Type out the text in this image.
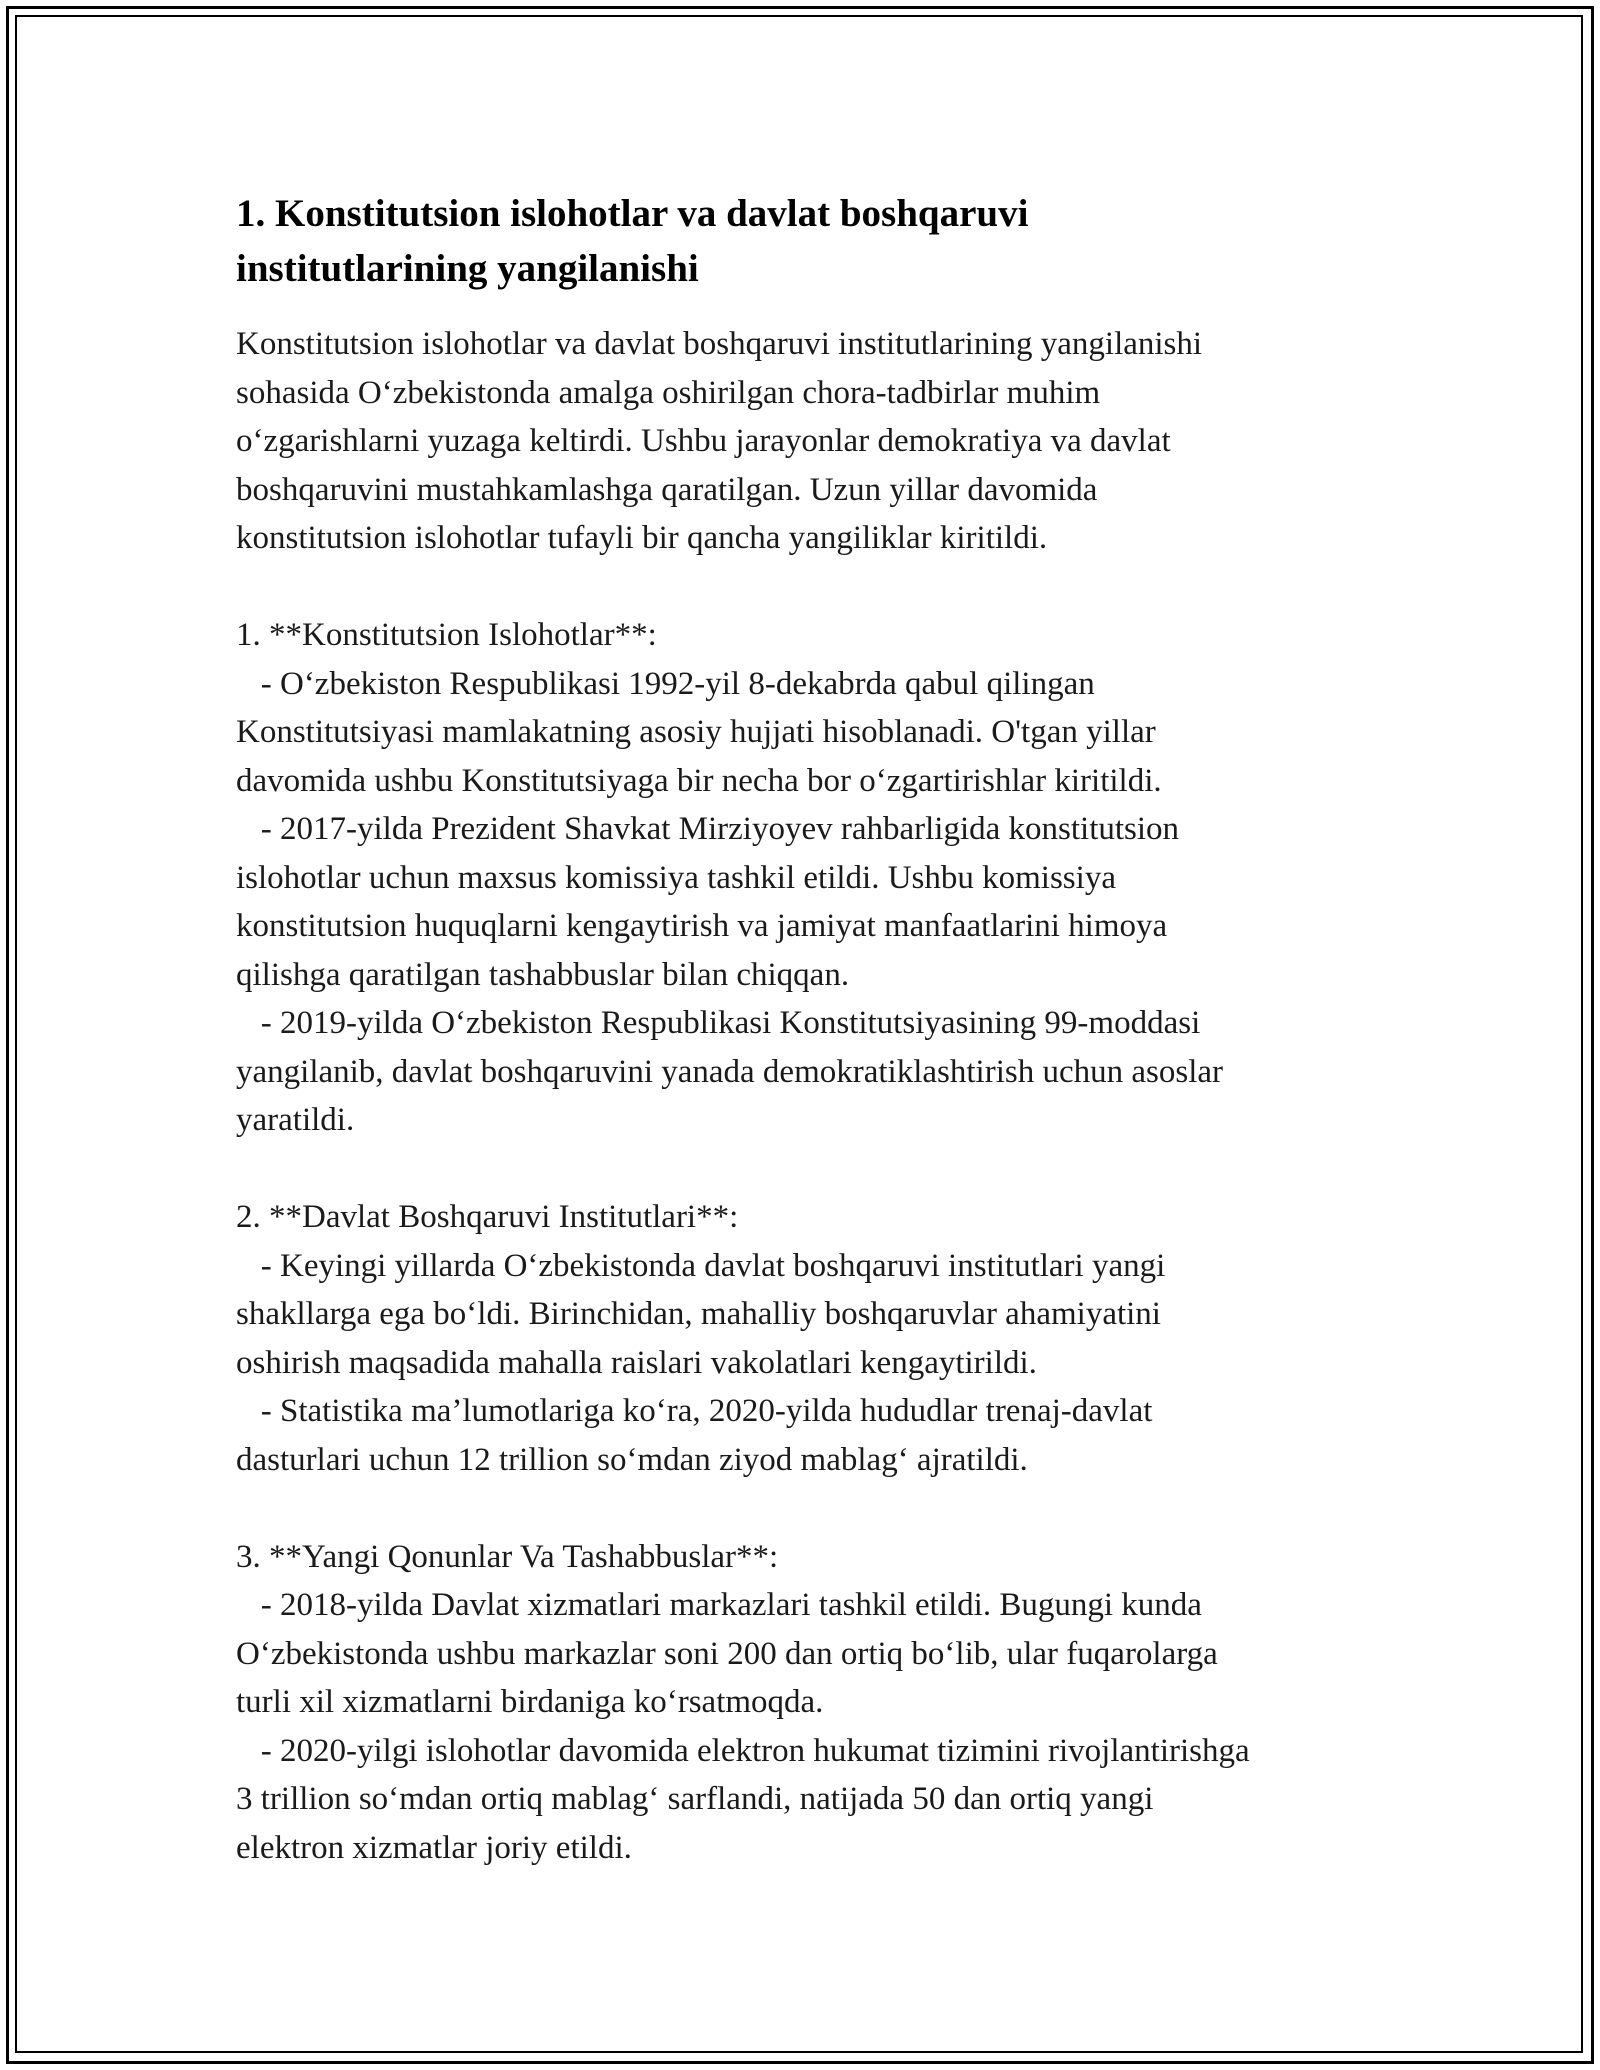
1. Konstitutsion islohotlar va davlat boshqaruvi
institutlarining yangilanishi

Konstitutsion islohotlar va davlat boshqaruvi institutlarining yangilanishi
sohasida O‘zbekistonda amalga oshirilgan chora-tadbirlar muhim
o‘zgarishlarni yuzaga keltirdi. Ushbu jarayonlar demokratiya va davlat
boshqaruvini mustahkamlashga qaratilgan. Uzun yillar davomida
konstitutsion islohotlar tufayli bir qancha yangiliklar kiritildi.

1. **Konstitutsion Islohotlar**:

- O‘zbekiston Respublikasi 1992-yil 8-dekabrda qabul qilingan
Konstitutsiyasi mamlakatning asosiy hujjati hisoblanadi. O'tgan yillar
davomida ushbu Konstitutsiyaga bir necha bor o‘zgartirishlar kiritildi.

- 2017-yilda Prezident Shavkat Mirziyoyev rahbarligida konstitutsion
islohotlar uchun maxsus komissiya tashkil etildi. Ushbu komissiya
konstitutsion huquqlarni kengaytirish va jamiyat manfaatlarini himoya
qilishga qaratilgan tashabbuslar bilan chiqqan.

- 2019-yilda O‘zbekiston Respublikasi Konstitutsiyasining 99-moddasi
yangilanib, davlat boshqaruvini yanada demokratiklashtirish uchun asoslar
yaratildi.

2. **Davlat Boshqaruvi Institutlari**:

- Keyingi yillarda O‘zbekistonda davlat boshqaruvi institutlari yangi
shakllarga ega bo‘ldi. Birinchidan, mahalliy boshqaruvlar ahamiyatini
oshirish maqsadida mahalla raislari vakolatlari kengaytirildi.

- Statistika ma’lumotlariga ko‘ra, 2020-yilda hududlar trenaj-davlat
dasturlari uchun 12 trillion so‘mdan ziyod mablag‘ ajratildi.

3. **Yangi Qonunlar Va Tashabbuslar**:

- 2018-yilda Davlat xizmatlari markazlari tashkil etildi. Bugungi kunda
O‘zbekistonda ushbu markazlar soni 200 dan ortiq bo‘lib, ular fuqarolarga
turli xil xizmatlarni birdaniga ko‘rsatmoqda.

- 2020-yilgi islohotlar davomida elektron hukumat tizimini rivojlantirishga
3 trillion so‘mdan ortiq mablag‘ sarflandi, natijada 50 dan ortiq yangi
elektron xizmatlar joriy etildi.
